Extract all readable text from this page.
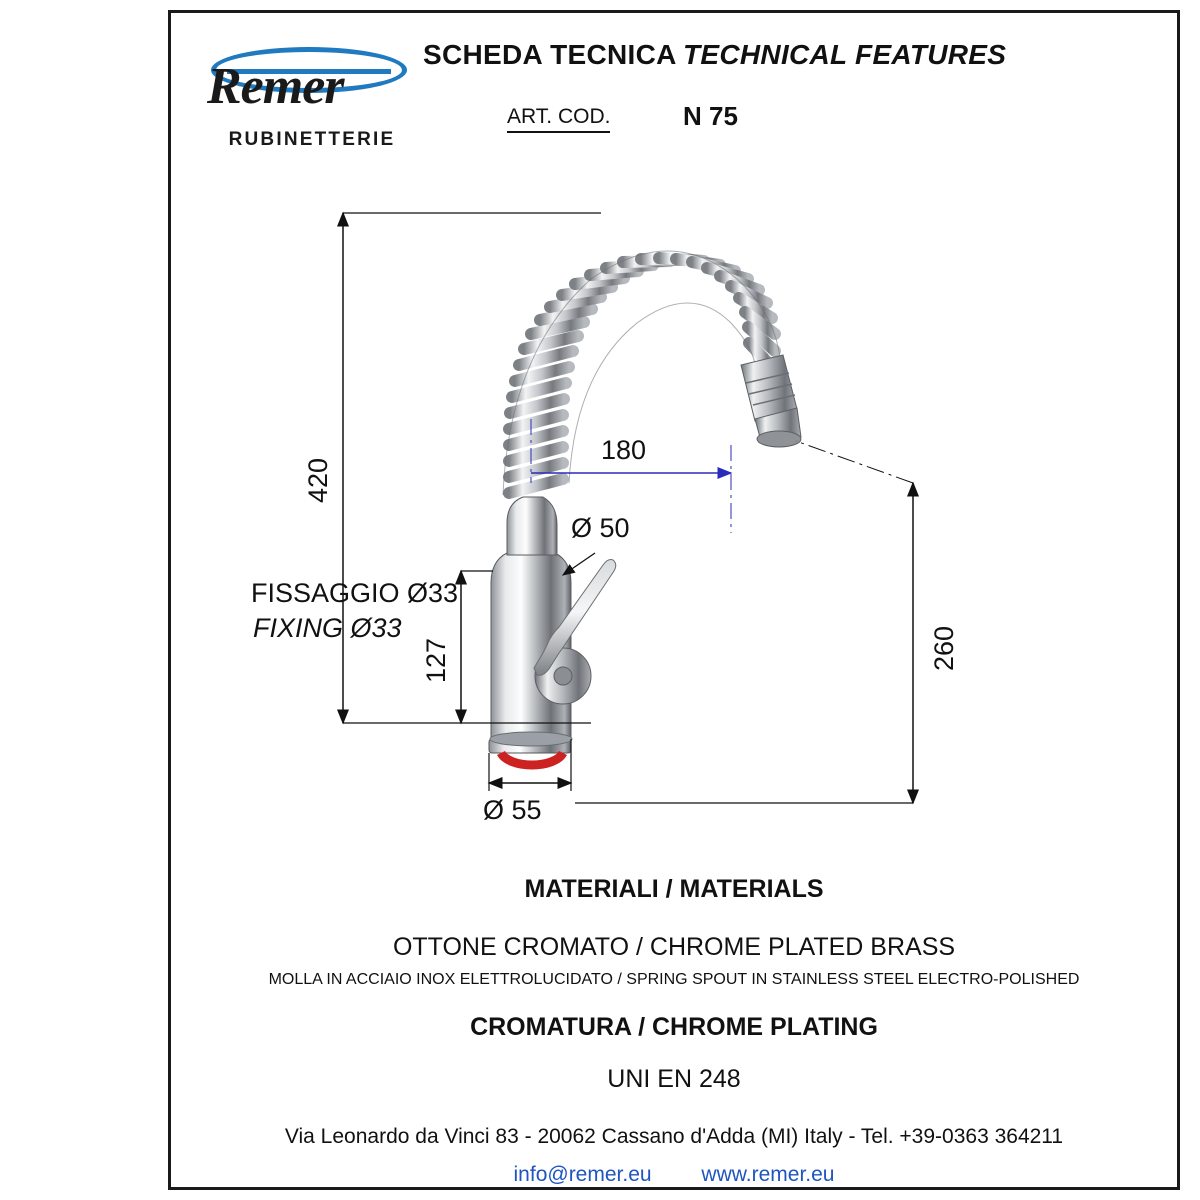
Remer
RUBINETTERIE
SCHEDA TECNICA TECHNICAL FEATURES
ART. COD.	N 75
420
127
180
260
Ø 50
Ø 55
FISSAGGIO Ø33
FIXING Ø33
MATERIALI / MATERIALS
OTTONE CROMATO / CHROME PLATED BRASS
MOLLA IN ACCIAIO INOX ELETTROLUCIDATO / SPRING SPOUT IN STAINLESS STEEL ELECTRO-POLISHED
CROMATURA / CHROME PLATING
UNI EN 248
Via Leonardo da Vinci 83 - 20062 Cassano d'Adda (MI) Italy - Tel. +39-0363 364211
info@remer.eu www.remer.eu
